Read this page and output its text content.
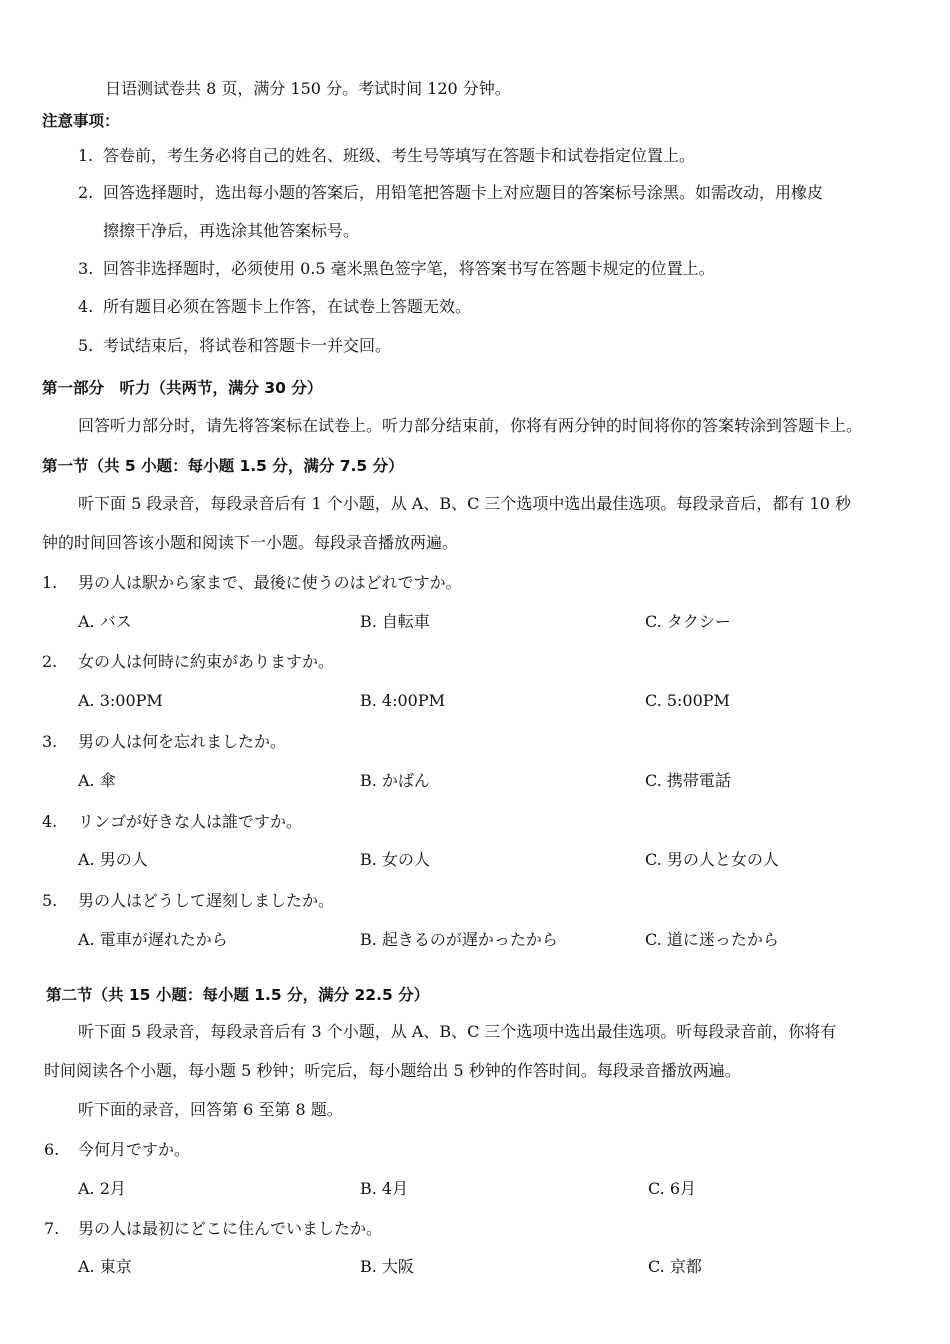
日语测试卷共 8 页，满分 150 分。考试时间 120 分钟。
注意事项：
1. 答卷前，考生务必将自己的姓名、班级、考生号等填写在答题卡和试卷指定位置上。
2. 回答选择题时，选出每小题的答案后，用铅笔把答题卡上对应题目的答案标号涂黑。如需改动，用橡皮
擦擦干净后，再选涂其他答案标号。
3. 回答非选择题时，必须使用 0.5 毫米黑色签字笔，将答案书写在答题卡规定的位置上。
4. 所有题目必须在答题卡上作答，在试卷上答题无效。
5. 考试结束后，将试卷和答题卡一并交回。
第一部分　听力（共两节，满分 30 分）
回答听力部分时，请先将答案标在试卷上。听力部分结束前，你将有两分钟的时间将你的答案转涂到答题卡上。
第一节（共 5 小题：每小题 1.5 分，满分 7.5 分）
听下面 5 段录音，每段录音后有 1 个小题，从 A、B、C 三个选项中选出最佳选项。每段录音后，都有 10 秒
钟的时间回答该小题和阅读下一小题。每段录音播放两遍。
1. 男の人は駅から家まで、最後に使うのはどれですか。
A. バス	B. 自転車	C. タクシー
2. 女の人は何時に約束がありますか。
A. 3:00PM	B. 4:00PM	C. 5:00PM
3. 男の人は何を忘れましたか。
A. 傘	B. かばん	C. 携帯電話
4. リンゴが好きな人は誰ですか。
A. 男の人	B. 女の人	C. 男の人と女の人
5. 男の人はどうして遅刻しましたか。
A. 電車が遅れたから	B. 起きるのが遅かったから	C. 道に迷ったから
第二节（共 15 小题：每小题 1.5 分，满分 22.5 分）
听下面 5 段录音，每段录音后有 3 个小题，从 A、B、C 三个选项中选出最佳选项。听每段录音前，你将有
时间阅读各个小题，每小题 5 秒钟；听完后，每小题给出 5 秒钟的作答时间。每段录音播放两遍。
听下面的录音，回答第 6 至第 8 题。
6. 今何月ですか。
A. 2月	B. 4月	C. 6月
7. 男の人は最初にどこに住んでいましたか。
A. 東京	B. 大阪	C. 京都
